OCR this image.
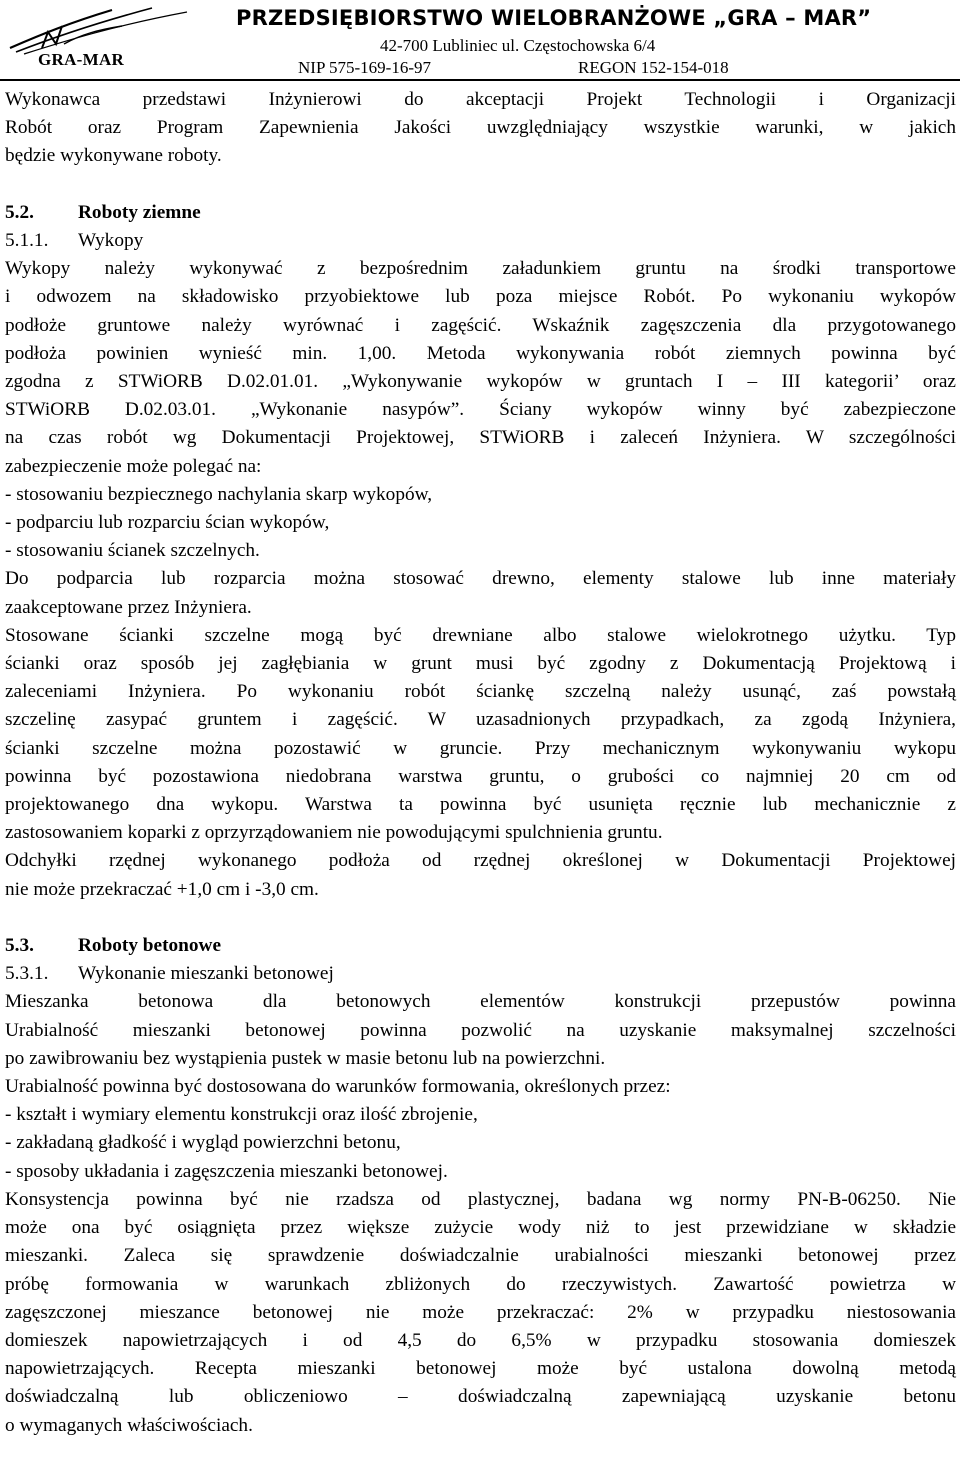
GRA-MAR
PRZEDSIĘBIORSTWO WIELOBRANŻOWE „GRA – MAR”
42-700 Lubliniec ul. Częstochowska 6/4
NIP 575-169-16-97	REGON 152-154-018
Wykonawca przedstawi Inżynierowi do akceptacji Projekt Technologii i Organizacji
Robót oraz Program Zapewnienia Jakości uwzględniający wszystkie warunki, w jakich
będzie wykonywane roboty.
5.2. Roboty ziemne
5.1.1. Wykopy
Wykopy należy wykonywać z bezpośrednim załadunkiem gruntu na środki transportowe
i odwozem na składowisko przyobiektowe lub poza miejsce Robót. Po wykonaniu wykopów
podłoże gruntowe należy wyrównać i zagęścić. Wskaźnik zagęszczenia dla przygotowanego
podłoża powinien wynieść min. 1,00. Metoda wykonywania robót ziemnych powinna być
zgodna z STWiORB D.02.01.01. „Wykonywanie wykopów w gruntach I – III kategorii’ oraz
STWiORB D.02.03.01. „Wykonanie nasypów”. Ściany wykopów winny być zabezpieczone
na czas robót wg Dokumentacji Projektowej, STWiORB i zaleceń Inżyniera. W szczególności
zabezpieczenie może polegać na:
- stosowaniu bezpiecznego nachylania skarp wykopów,
- podparciu lub rozparciu ścian wykopów,
- stosowaniu ścianek szczelnych.
Do podparcia lub rozparcia można stosować drewno, elementy stalowe lub inne materiały
zaakceptowane przez Inżyniera.
Stosowane ścianki szczelne mogą być drewniane albo stalowe wielokrotnego użytku. Typ
ścianki oraz sposób jej zagłębiania w grunt musi być zgodny z Dokumentacją Projektową i
zaleceniami Inżyniera. Po wykonaniu robót ściankę szczelną należy usunąć, zaś powstałą
szczelinę zasypać gruntem i zagęścić. W uzasadnionych przypadkach, za zgodą Inżyniera,
ścianki szczelne można pozostawić w gruncie. Przy mechanicznym wykonywaniu wykopu
powinna być pozostawiona niedobrana warstwa gruntu, o grubości co najmniej 20 cm od
projektowanego dna wykopu. Warstwa ta powinna być usunięta ręcznie lub mechanicznie z
zastosowaniem koparki z oprzyrządowaniem nie powodującymi spulchnienia gruntu.
Odchyłki rzędnej wykonanego podłoża od rzędnej określonej w Dokumentacji Projektowej
nie może przekraczać +1,0 cm i -3,0 cm.
5.3. Roboty betonowe
5.3.1. Wykonanie mieszanki betonowej
Mieszanka betonowa dla betonowych elementów konstrukcji przepustów powinna
Urabialność mieszanki betonowej powinna pozwolić na uzyskanie maksymalnej szczelności
po zawibrowaniu bez wystąpienia pustek w masie betonu lub na powierzchni.
Urabialność powinna być dostosowana do warunków formowania, określonych przez:
- kształt i wymiary elementu konstrukcji oraz ilość zbrojenie,
- zakładaną gładkość i wygląd powierzchni betonu,
- sposoby układania i zagęszczenia mieszanki betonowej.
Konsystencja powinna być nie rzadsza od plastycznej, badana wg normy PN-B-06250. Nie
może ona być osiągnięta przez większe zużycie wody niż to jest przewidziane w składzie
mieszanki. Zaleca się sprawdzenie doświadczalnie urabialności mieszanki betonowej przez
próbę formowania w warunkach zbliżonych do rzeczywistych. Zawartość powietrza w
zagęszczonej mieszance betonowej nie może przekraczać: 2% w przypadku niestosowania
domieszek napowietrzających i od 4,5 do 6,5% w przypadku stosowania domieszek
napowietrzających. Recepta mieszanki betonowej może być ustalona dowolną metodą
doświadczalną lub obliczeniowo – doświadczalną zapewniającą uzyskanie betonu
o wymaganych właściwościach.
